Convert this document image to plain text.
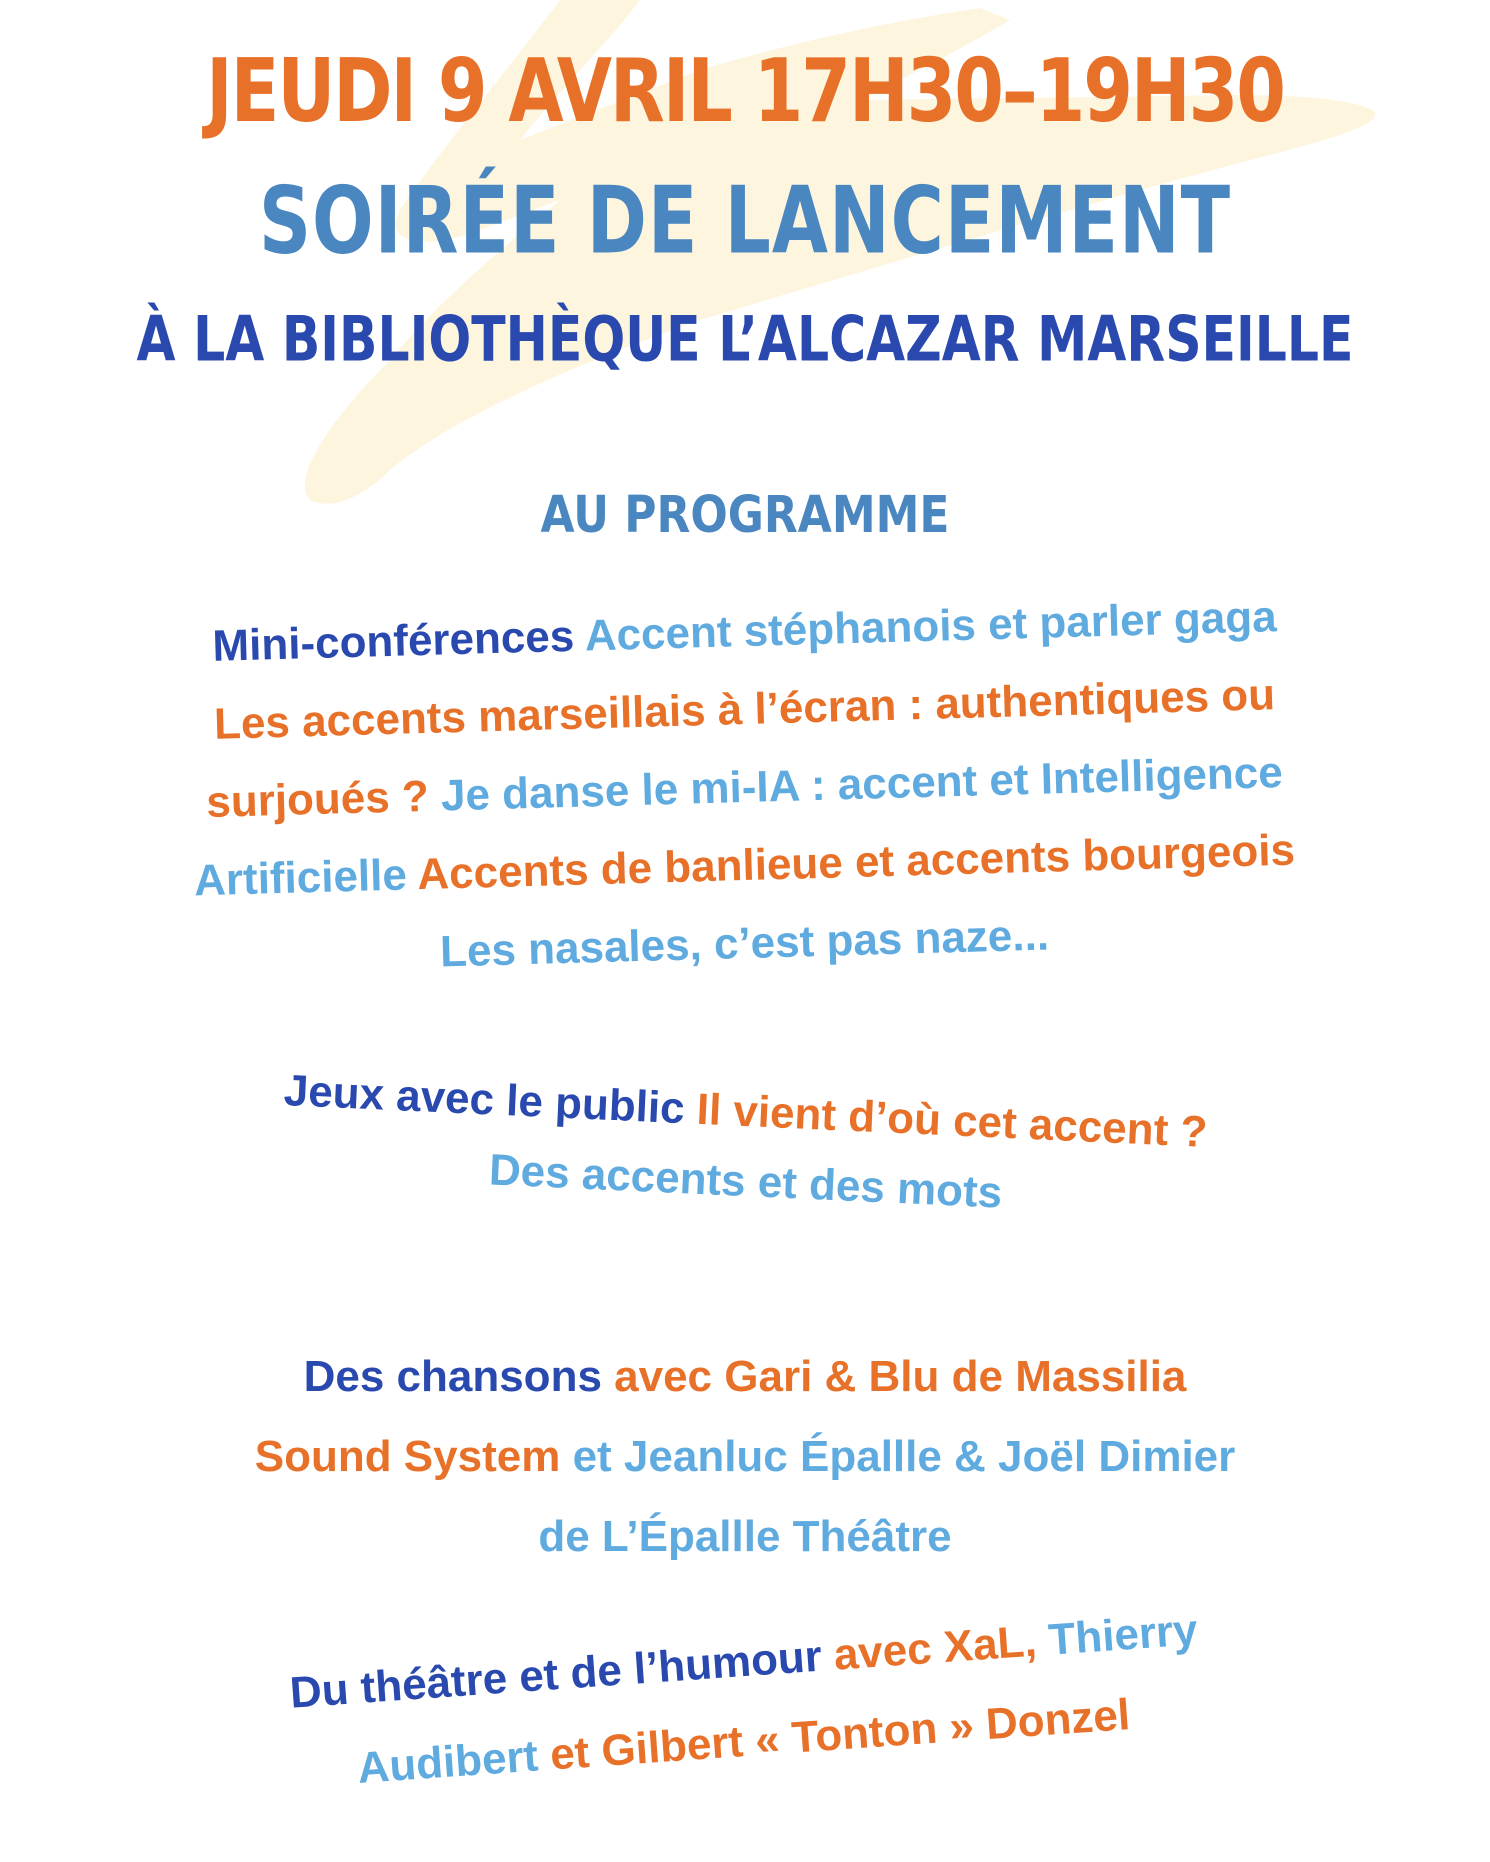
JEUDI 9 AVRIL 17H30–19H30
SOIRÉE DE LANCEMENT
À LA BIBLIOTHÈQUE L’ALCAZAR MARSEILLE
AU PROGRAMME
Mini-conférences Accent stéphanois et parler gaga
Les accents marseillais à l’écran : authentiques ou
surjoués ? Je danse le mi-IA : accent et Intelligence
Artificielle Accents de banlieue et accents bourgeois
Les nasales, c’est pas naze...
Jeux avec le public Il vient d’où cet accent ?
Des accents et des mots
Des chansons avec Gari & Blu de Massilia
Sound System et Jeanluc Épallle & Joël Dimier
de L’Épallle Théâtre
Du théâtre et de l’humour avec XaL, Thierry
Audibert et Gilbert « Tonton » Donzel
